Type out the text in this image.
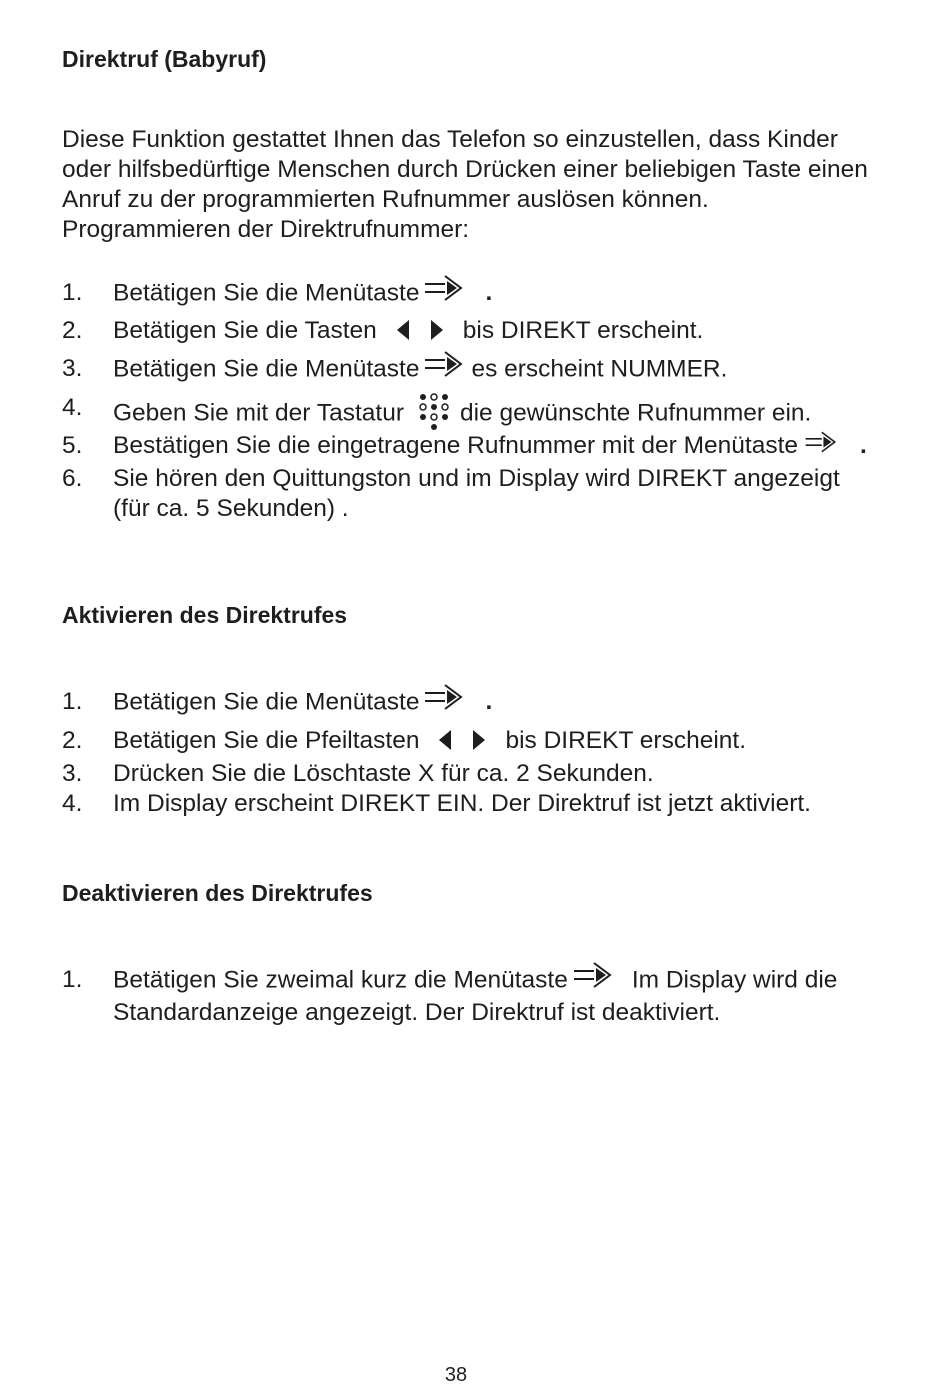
Direktruf (Babyruf)
Diese Funktion gestattet Ihnen das Telefon so einzustellen, dass Kinder
oder hilfsbedürftige Menschen durch Drücken einer beliebigen Taste einen
Anruf zu der programmierten Rufnummer auslösen können.
Programmieren der Direktrufnummer:
1. Betätigen Sie die Menütaste	.
2. Betätigen Sie die Tasten	bis DIREKT erscheint.
3. Betätigen Sie die Menütaste es erscheint NUMMER.
4. Geben Sie mit der Tastatur die gewünschte Rufnummer ein.
5. Bestätigen Sie die eingetragene Rufnummer mit der Menütaste	.
6. Sie hören den Quittungston und im Display wird DIREKT angezeigt
(für ca. 5 Sekunden) .
Aktivieren des Direktrufes
1. Betätigen Sie die Menütaste	.
2. Betätigen Sie die Pfeiltasten	bis DIREKT erscheint.
3. Drücken Sie die Löschtaste X für ca. 2 Sekunden.
4. Im Display erscheint DIREKT EIN. Der Direktruf ist jetzt aktiviert.
Deaktivieren des Direktrufes
1. Betätigen Sie zweimal kurz die Menütaste	Im Display wird die
Standardanzeige angezeigt. Der Direktruf ist deaktiviert.
38
